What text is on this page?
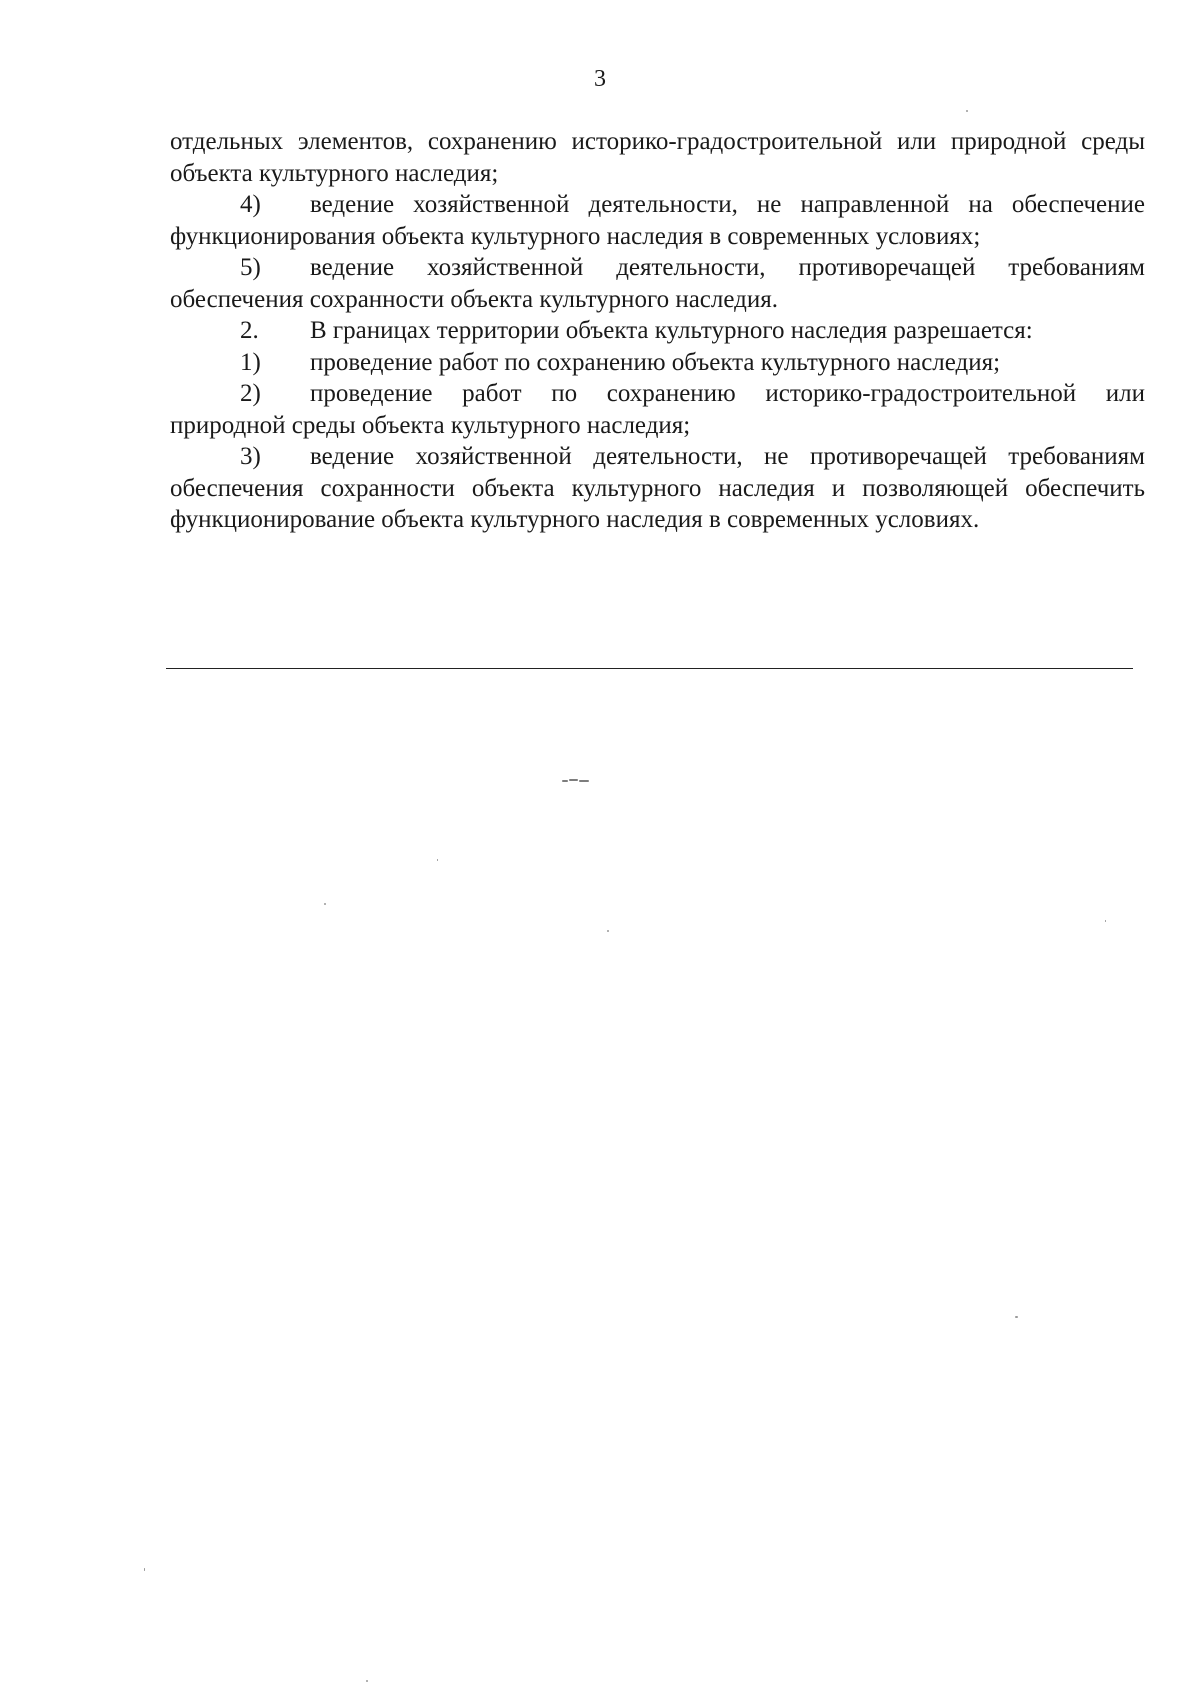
3

отдельных элементов, сохранению историко-градостроительной или природной среды объекта культурного наследия;

4) ведение хозяйственной деятельности, не направленной на обеспечение функционирования объекта культурного наследия в современных условиях;

5) ведение хозяйственной деятельности, противоречащей требованиям обеспечения сохранности объекта культурного наследия.

2. В границах территории объекта культурного наследия разрешается:

1) проведение работ по сохранению объекта культурного наследия;

2) проведение работ по сохранению историко-градостроительной или природной среды объекта культурного наследия;

3) ведение хозяйственной деятельности, не противоречащей требованиям обеспечения сохранности объекта культурного наследия и позволяющей обеспечить функционирование объекта культурного наследия в современных условиях.
